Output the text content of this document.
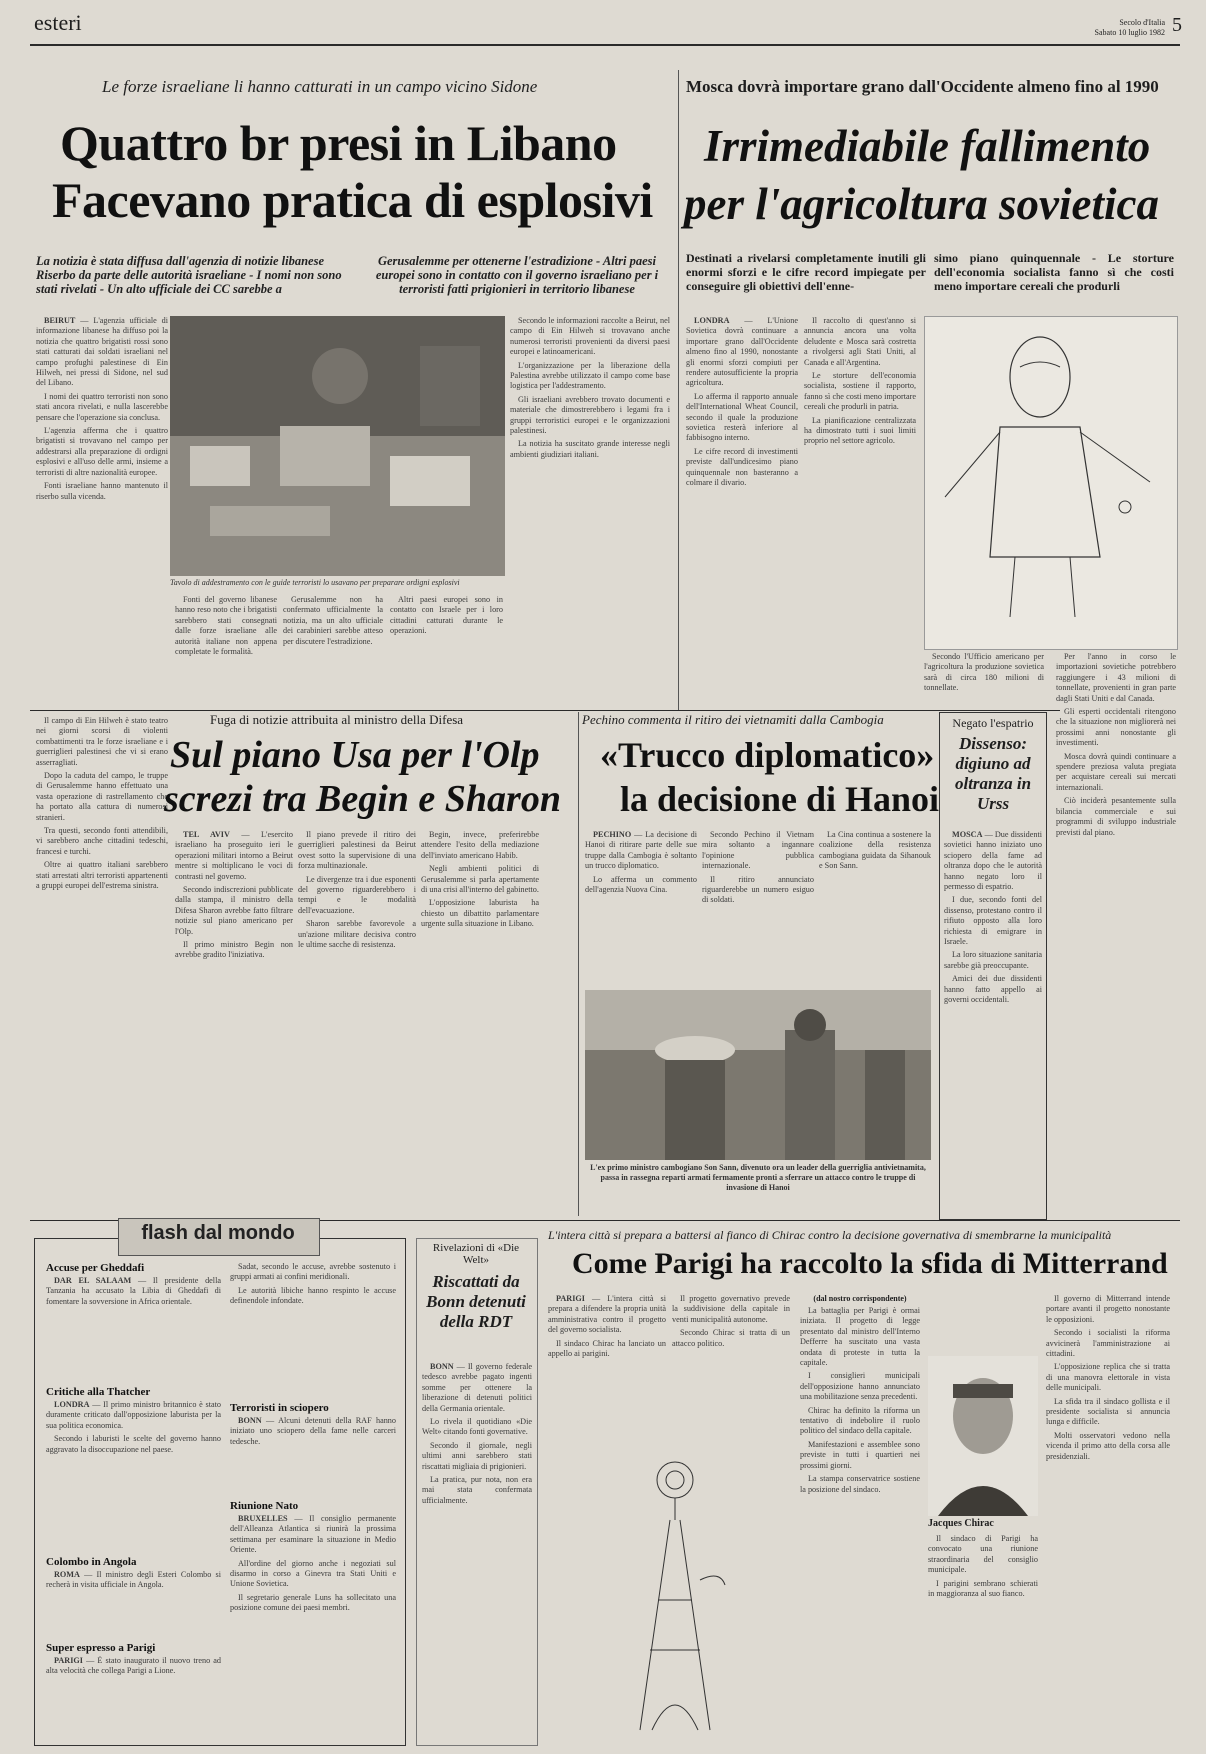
esteri	Secolo d'Italia
Sabato 10 luglio 1982 5
Le forze israeliane li hanno catturati in un campo vicino Sidone
Quattro br presi in Libano
Facevano pratica di esplosivi
La notizia è stata diffusa dall'agenzia di notizie libanese Riserbo da parte delle autorità israeliane - I nomi non sono stati rivelati - Un alto ufficiale dei CC sarebbe a
Gerusalemme per ottenerne l'estradizione - Altri paesi europei sono in contatto con il governo israeliano per i terroristi fatti prigionieri in territorio libanese

BEIRUT — L'agenzia ufficiale di informazione libanese ha diffuso poi la notizia che quattro brigatisti rossi sono stati catturati dai soldati israeliani nel campo profughi palestinese di Ein Hilweh, nei pressi di Sidone, nel sud del Libano.

I nomi dei quattro terroristi non sono stati ancora rivelati, e nulla lascerebbe pensare che l'operazione sia conclusa.

L'agenzia afferma che i quattro brigatisti si trovavano nel campo per addestrarsi alla preparazione di ordigni esplosivi e all'uso delle armi, insieme a terroristi di altre nazionalità europee.

Fonti israeliane hanno mantenuto il riserbo sulla vicenda.

Tavolo di addestramento con le guide terroristi lo usavano per preparare ordigni esplosivi

Fonti del governo libanese hanno reso noto che i brigatisti sarebbero stati consegnati dalle forze israeliane alle autorità italiane non appena completate le formalità.

Gerusalemme non ha confermato ufficialmente la notizia, ma un alto ufficiale dei carabinieri sarebbe atteso per discutere l'estradizione.

Altri paesi europei sono in contatto con Israele per i loro cittadini catturati durante le operazioni.

Secondo le informazioni raccolte a Beirut, nel campo di Ein Hilweh si trovavano anche numerosi terroristi provenienti da diversi paesi europei e latinoamericani.

L'organizzazione per la liberazione della Palestina avrebbe utilizzato il campo come base logistica per l'addestramento.

Gli israeliani avrebbero trovato documenti e materiale che dimostrerebbero i legami fra i gruppi terroristici europei e le organizzazioni palestinesi.

La notizia ha suscitato grande interesse negli ambienti giudiziari italiani.

Mosca dovrà importare grano dall'Occidente almeno fino al 1990
Irrimediabile fallimento
per l'agricoltura sovietica
Destinati a rivelarsi completamente inutili gli enormi sforzi e le cifre record impiegate per conseguire gli obiettivi dell'enne-
simo piano quinquennale - Le storture dell'economia socialista fanno sì che costi meno importare cereali che produrli

LONDRA — L'Unione Sovietica dovrà continuare a importare grano dall'Occidente almeno fino al 1990, nonostante gli enormi sforzi compiuti per rendere autosufficiente la propria agricoltura.

Lo afferma il rapporto annuale dell'International Wheat Council, secondo il quale la produzione sovietica resterà inferiore al fabbisogno interno.

Le cifre record di investimenti previste dall'undicesimo piano quinquennale non basteranno a colmare il divario.

Il raccolto di quest'anno si annuncia ancora una volta deludente e Mosca sarà costretta a rivolgersi agli Stati Uniti, al Canada e all'Argentina.

Le storture dell'economia socialista, sostiene il rapporto, fanno sì che costi meno importare cereali che produrli in patria.

La pianificazione centralizzata ha dimostrato tutti i suoi limiti proprio nel settore agricolo.

Secondo l'Ufficio americano per l'agricoltura la produzione sovietica sarà di circa 180 milioni di tonnellate.

Per l'anno in corso le importazioni sovietiche potrebbero raggiungere i 43 milioni di tonnellate, provenienti in gran parte dagli Stati Uniti e dal Canada.

Gli esperti occidentali ritengono che la situazione non migliorerà nei prossimi anni nonostante gli investimenti.

Mosca dovrà quindi continuare a spendere preziosa valuta pregiata per acquistare cereali sui mercati internazionali.

Ciò inciderà pesantemente sulla bilancia commerciale e sui programmi di sviluppo industriale previsti dal piano.

Il campo di Ein Hilweh è stato teatro nei giorni scorsi di violenti combattimenti tra le forze israeliane e i guerriglieri palestinesi che vi si erano asserragliati.

Dopo la caduta del campo, le truppe di Gerusalemme hanno effettuato una vasta operazione di rastrellamento che ha portato alla cattura di numerosi stranieri.

Tra questi, secondo fonti attendibili, vi sarebbero anche cittadini tedeschi, francesi e turchi.

Oltre ai quattro italiani sarebbero stati arrestati altri terroristi appartenenti a gruppi europei dell'estrema sinistra.

Fuga di notizie attribuita al ministro della Difesa
Sul piano Usa per l'Olp
screzi tra Begin e Sharon

TEL AVIV — L'esercito israeliano ha proseguito ieri le operazioni militari intorno a Beirut mentre si moltiplicano le voci di contrasti nel governo.

Secondo indiscrezioni pubblicate dalla stampa, il ministro della Difesa Sharon avrebbe fatto filtrare notizie sul piano americano per l'Olp.

Il primo ministro Begin non avrebbe gradito l'iniziativa.

Il piano prevede il ritiro dei guerriglieri palestinesi da Beirut ovest sotto la supervisione di una forza multinazionale.

Le divergenze tra i due esponenti del governo riguarderebbero i tempi e le modalità dell'evacuazione.

Sharon sarebbe favorevole a un'azione militare decisiva contro le ultime sacche di resistenza.

Begin, invece, preferirebbe attendere l'esito della mediazione dell'inviato americano Habib.

Negli ambienti politici di Gerusalemme si parla apertamente di una crisi all'interno del gabinetto.

L'opposizione laburista ha chiesto un dibattito parlamentare urgente sulla situazione in Libano.

Pechino commenta il ritiro dei vietnamiti dalla Cambogia
«Trucco diplomatico»
la decisione di Hanoi

PECHINO — La decisione di Hanoi di ritirare parte delle sue truppe dalla Cambogia è soltanto un trucco diplomatico.

Lo afferma un commento dell'agenzia Nuova Cina.

Secondo Pechino il Vietnam mira soltanto a ingannare l'opinione pubblica internazionale.

Il ritiro annunciato riguarderebbe un numero esiguo di soldati.

La Cina continua a sostenere la coalizione della resistenza cambogiana guidata da Sihanouk e Son Sann.

L'ex primo ministro cambogiano Son Sann, divenuto ora un leader della guerriglia antivietnamita, passa in rassegna reparti armati fermamente pronti a sferrare un attacco contro le truppe di invasione di Hanoi
Negato l'espatrio
Dissenso: digiuno ad oltranza in Urss

MOSCA — Due dissidenti sovietici hanno iniziato uno sciopero della fame ad oltranza dopo che le autorità hanno negato loro il permesso di espatrio.

I due, secondo fonti del dissenso, protestano contro il rifiuto opposto alla loro richiesta di emigrare in Israele.

La loro situazione sanitaria sarebbe già preoccupante.

Amici dei due dissidenti hanno fatto appello ai governi occidentali.

flash dal mondo
Accuse per Gheddafi

DAR EL SALAAM — Il presidente della Tanzania ha accusato la Libia di Gheddafi di fomentare la sovversione in Africa orientale.

Critiche alla Thatcher

LONDRA — Il primo ministro britannico è stato duramente criticato dall'opposizione laburista per la sua politica economica.

Secondo i laburisti le scelte del governo hanno aggravato la disoccupazione nel paese.

Colombo in Angola

ROMA — Il ministro degli Esteri Colombo si recherà in visita ufficiale in Angola.

Super espresso a Parigi

PARIGI — È stato inaugurato il nuovo treno ad alta velocità che collega Parigi a Lione.

Sadat, secondo le accuse, avrebbe sostenuto i gruppi armati ai confini meridionali.

Le autorità libiche hanno respinto le accuse definendole infondate.

Terroristi in sciopero

BONN — Alcuni detenuti della RAF hanno iniziato uno sciopero della fame nelle carceri tedesche.

Riunione Nato

BRUXELLES — Il consiglio permanente dell'Alleanza Atlantica si riunirà la prossima settimana per esaminare la situazione in Medio Oriente.

All'ordine del giorno anche i negoziati sul disarmo in corso a Ginevra tra Stati Uniti e Unione Sovietica.

Il segretario generale Luns ha sollecitato una posizione comune dei paesi membri.

Rivelazioni di «Die Welt»
Riscattati da Bonn detenuti della RDT

BONN — Il governo federale tedesco avrebbe pagato ingenti somme per ottenere la liberazione di detenuti politici della Germania orientale.

Lo rivela il quotidiano «Die Welt» citando fonti governative.

Secondo il giornale, negli ultimi anni sarebbero stati riscattati migliaia di prigionieri.

La pratica, pur nota, non era mai stata confermata ufficialmente.

L'intera città si prepara a battersi al fianco di Chirac contro la decisione governativa di smembrarne la municipalità
Come Parigi ha raccolto la sfida di Mitterrand

PARIGI — L'intera città si prepara a difendere la propria unità amministrativa contro il progetto del governo socialista.

Il sindaco Chirac ha lanciato un appello ai parigini.

Il progetto governativo prevede la suddivisione della capitale in venti municipalità autonome.

Secondo Chirac si tratta di un attacco politico.

(dal nostro corrispondente)

La battaglia per Parigi è ormai iniziata. Il progetto di legge presentato dal ministro dell'Interno Defferre ha suscitato una vasta ondata di proteste in tutta la capitale.

I consiglieri municipali dell'opposizione hanno annunciato una mobilitazione senza precedenti.

Chirac ha definito la riforma un tentativo di indebolire il ruolo politico del sindaco della capitale.

Manifestazioni e assemblee sono previste in tutti i quartieri nei prossimi giorni.

La stampa conservatrice sostiene la posizione del sindaco.

Jacques Chirac

Il sindaco di Parigi ha convocato una riunione straordinaria del consiglio municipale.

I parigini sembrano schierati in maggioranza al suo fianco.

Il governo di Mitterrand intende portare avanti il progetto nonostante le opposizioni.

Secondo i socialisti la riforma avvicinerà l'amministrazione ai cittadini.

L'opposizione replica che si tratta di una manovra elettorale in vista delle municipali.

La sfida tra il sindaco gollista e il presidente socialista si annuncia lunga e difficile.

Molti osservatori vedono nella vicenda il primo atto della corsa alle presidenziali.
